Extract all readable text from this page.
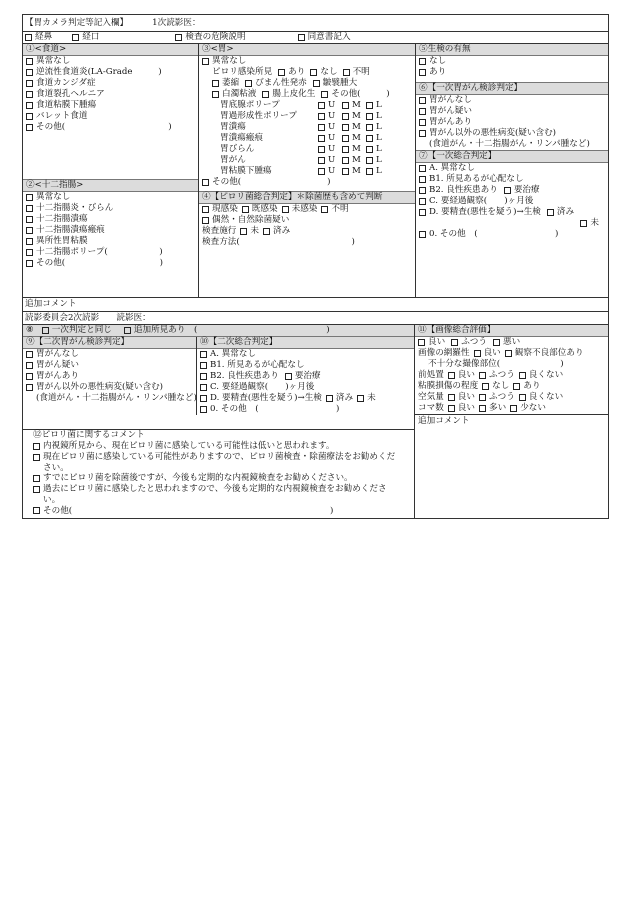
【胃カメラ判定等記入欄】	1次読影医：
経鼻	経口	検査の危険説明	同意書記入
①<食道>
異常なし
逆流性食道炎(LA-Grade　　　)
食道カンジダ症
食道裂孔ヘルニア
食道粘膜下腫瘍
バレット食道
その他(　　　　　　　　　　　　)
②<十二指腸>
異常なし
十二指腸炎・びらん
十二指腸潰瘍
十二指腸潰瘍瘢痕
異所性胃粘膜
十二指腸ポリープ(　　　　　　)
その他(　　　　　　　　　　　)
③<胃>
異常なし
ピロリ感染所見 あり なし 不明
萎縮 びまん性発赤 皺襞腫大
白濁粘液 腸上皮化生 その他(　　　)
胃底腺ポリープ	U M L
胃過形成性ポリープ	U M L
胃潰瘍	U M L
胃潰瘍瘢痕	U M L
胃びらん	U M L
胃がん	U M L
胃粘膜下腫瘍	U M L
その他(　　　　　　　　　　)
④【ピロリ菌総合判定】＊除菌歴も含めて判断
現感染 既感染 未感染 不明
偶然・自然除菌疑い
検査施行 未 済み
検査方法(　　　　　　　　　　　　　)
⑤生検の有無
なし
あり
⑥【一次胃がん検診判定】
胃がんなし
胃がん疑い
胃がんあり
胃がん以外の悪性病変(疑い含む)
(食道がん・十二指腸がん・リンパ腫など)
⑦【一次総合判定】
A. 異常なし
B1. 所見あるが心配なし
B2. 良性疾患あり 要治療
C. 要経過観察(　　)ヶ月後
D. 要精査(悪性を疑う)→生検 済み
未
0. その他　(　　　　　　　　　)
追加コメント
読影委員会2次読影　　読影医：
⑧ 一次判定と同じ	追加所見あり　(　　　　　　　　　　　　　　　)
⑨【二次胃がん検診判定】
胃がんなし
胃がん疑い
胃がんあり
胃がん以外の悪性病変(疑い含む)
(食道がん・十二指腸がん・リンパ腫など)
⑩【二次総合判定】
A. 異常なし
B1. 所見あるが心配なし
B2. 良性疾患あり 要治療
C. 要経過観察(　　)ヶ月後
D. 要精査(悪性を疑う)→生検 済み 未
0. その他　(　　　　　　　　　)
⑫ピロリ菌に関するコメント
内視鏡所見から、現在ピロリ菌に感染している可能性は低いと思われます。
現在ピロリ菌に感染している可能性がありますので、ピロリ菌検査・除菌療法をお勧めください。
すでにピロリ菌を除菌後ですが、今後も定期的な内視鏡検査をお勧めください。
過去にピロリ菌に感染したと思われますので、今後も定期的な内視鏡検査をお勧めください。
その他(　　　　　　　　　　　　　　　　　　　　　　　　　　　　　　)
⑪【画像総合評価】
良い ふつう 悪い
画像の網羅性 良い 観察不良部位あり
不十分な撮像部位(　　　　　　　)
前処置 良い ふつう 良くない
粘膜損傷の程度 なし あり
空気量 良い ふつう 良くない
コマ数 良い 多い 少ない
追加コメント
